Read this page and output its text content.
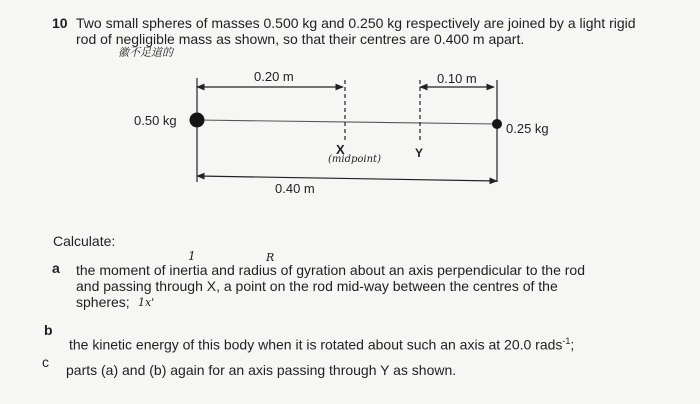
10 Two small spheres of masses 0.500 kg and 0.250 kg respectively are joined by a light rigid
rod of negligible mass as shown, so that their centres are 0.400 m apart.
徽不足道的
0.20 m	0.10 m
0.50 kg
0.25 kg
X
(midpoint)	Y
0.40 m
Calculate:
a
1	R
the moment of inertia and radius of gyration about an axis perpendicular to the rod
and passing through X, a point on the rod mid-way between the centres of the
spheres; 1x'
b
the kinetic energy of this body when it is rotated about such an axis at 20.0 rads$^{-1}$;
c parts (a) and (b) again for an axis passing through Y as shown.
